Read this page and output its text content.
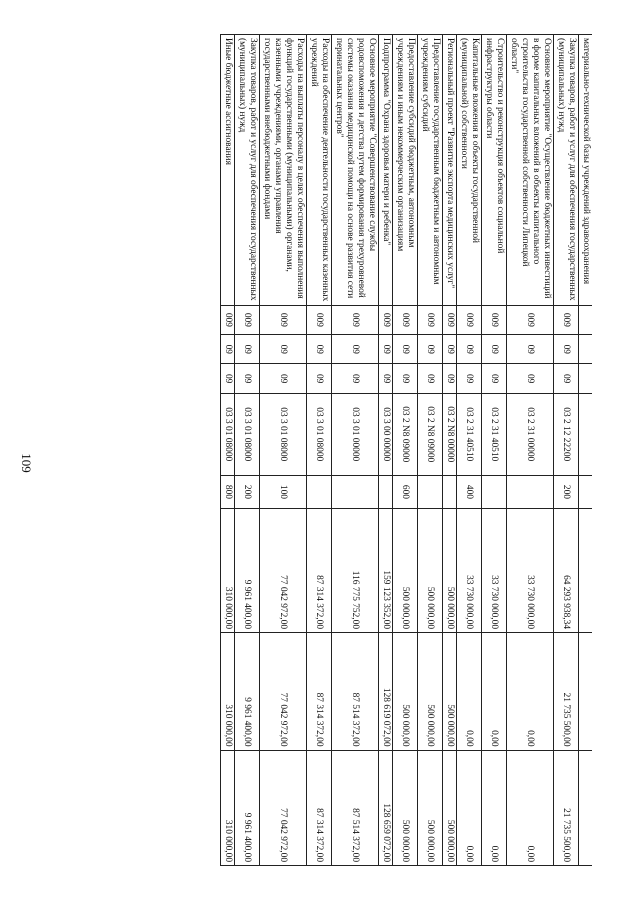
109
материально-технической базы учреждений здравоохранения								
Закупка товаров, работ и услуг для обеспечения государственных (муниципальных) нужд	009	09	09	03 2 12 22200	200	64 293 938,34	21 735 500,00	21 735 500,00
Основное мероприятие "Осуществление бюджетных инвестиций в форме капитальных вложений в объекты капитального строительства государственной собственности Липецкой области"	009	09	09	03 2 31 00000		33 730 000,00	0,00	0,00
Строительство и реконструкция объектов социальной инфраструктуры области	009	09	09	03 2 31 40510		33 730 000,00	0,00	0,00
Капитальные вложения в объекты государственной (муниципальной) собственности	009	09	09	03 2 31 40510	400	33 730 000,00	0,00	0,00
Региональный проект "Развитие экспорта медицинских услуг"	009	09	09	03 2 N8 00000		500 000,00	500 000,00	500 000,00
Предоставление государственным бюджетным и автономным учреждениям субсидий	009	09	09	03 2 N8 09000		500 000,00	500 000,00	500 000,00
Предоставление субсидий бюджетным, автономным учреждениям и иным некоммерческим организациям	009	09	09	03 2 N8 09000	600	500 000,00	500 000,00	500 000,00
Подпрограмма "Охрана здоровья матери и ребенка"	009	09	09	03 3 00 00000		159 123 352,00	128 619 072,00	128 659 072,00
Основное мероприятие "Совершенствование службы родовспоможения и детства путем формирования трехуровневой системы оказания медицинской помощи на основе развития сети перинатальных центров"	009	09	09	03 3 01 00000		116 775 752,00	87 514 372,00	87 514 372,00
Расходы на обеспечение деятельности государственных казенных учреждений	009	09	09	03 3 01 08000		87 314 372,00	87 314 372,00	87 314 372,00
Расходы на выплаты персоналу в целях обеспечения выполнения функций государственными (муниципальными) органами, казенными учреждениями, органами управления государственными внебюджетными фондами	009	09	09	03 3 01 08000	100	77 042 972,00	77 042 972,00	77 042 972,00
Закупка товаров, работ и услуг для обеспечения государственных (муниципальных) нужд	009	09	09	03 3 01 08000	200	9 961 400,00	9 961 400,00	9 961 400,00
Иные бюджетные ассигнования	009	09	09	03 3 01 08000	800	310 000,00	310 000,00	310 000,00
